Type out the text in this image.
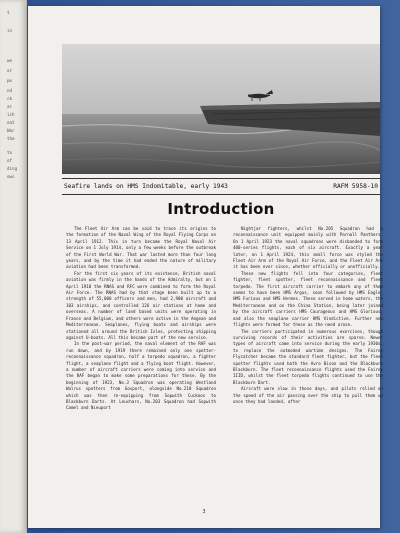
t
in
we
or
pe
nd
ck
ar
ich
eat
War
the
to
of
ding
ows
Seafire lands on HMS Indomitable, early 1943	RAFM 5958-10
Introduction

The Fleet Air Arm can be said to trace its origins to the formation of the Naval Wing of the Royal Flying Corps on 13 April 1912. This in turn became the Royal Naval Air Service on 1 July 1914, only a few weeks before the outbreak of the First World War. That war lasted more than four long years, and by the time it had ended the nature of military aviation had been transformed.

For the first six years of its existence, British naval aviation was firmly in the hands of the Admiralty, but on 1 April 1918 the RNAS and RFC were combined to form the Royal Air Force. The RNAS had by that stage been built up to a strength of 55,000 officers and men, had 2,900 aircraft and 103 airships, and controlled 126 air stations at home and overseas. A number of land based units were operating in France and Belgium, and others were active in the Aegean and Mediterranean. Seaplanes, flying boats and airships were stationed all around the British Isles, protecting shipping against U-boats. All this became part of the new service.

In the post-war period, the naval element of the RAF was run down, and by 1919 there remained only one spotter-reconnaissance squadron, half a torpedo squadron, a fighter flight, a seaplane flight and a flying boat flight. However, a number of aircraft carriers were coming into service and the RAF began to make some preparations for these. By the beginning of 1923, No.3 Squadron was operating Westland Walrus spotters from Gosport, alongside No.210 Squadron which was then re-equipping from Sopwith Cuckoos to Blackburn Darts. At Leuchars, No.203 Squadron had Sopwith Camel and Nieuport

Nightjar fighters, whilst No.205 Squadron had a reconnaissance unit equipped mainly with Parnall Panthers. On 1 April 1923 the naval squadrons were disbanded to form 400-series flights, each of six aircraft. Exactly a year later, on 1 April 1924, this small force was styled the Fleet Air Arm of the Royal Air Force, and the Fleet Air Arm it has been ever since, whether officially or unofficially.

These new flights fell into four categories, fleet fighter, fleet spotter, fleet reconnaissance and fleet torpedo. The first aircraft carrier to embark any of them seems to have been HMS Argus, soon followed by HMS Eagle, HMS Furious and HMS Hermes. These served in home waters, the Mediterranean and on the China Station, being later joined by the aircraft carriers HMS Courageous and HMS Glorious, and also the seaplane carrier HMS Vindictive. Further new flights were formed for these as the need arose.

The carriers participated in numerous exercises, though surviving records of their activities are sparse. Newer types of aircraft came into service during the early 1930s, to replace the outmoded wartime designs. The Fairey Flycatcher became the standard fleet fighter, but the fleet spotter flights used both the Avro Bison and the Blackburn Blackburn. The fleet reconnaissance flights used the Fairey IIID, whilst the fleet torpedo flights continued to use the Blackburn Dart.

Aircraft were slow in those days, and pilots relied on the speed of the air passing over the ship to pull them up once they had landed, after

3
